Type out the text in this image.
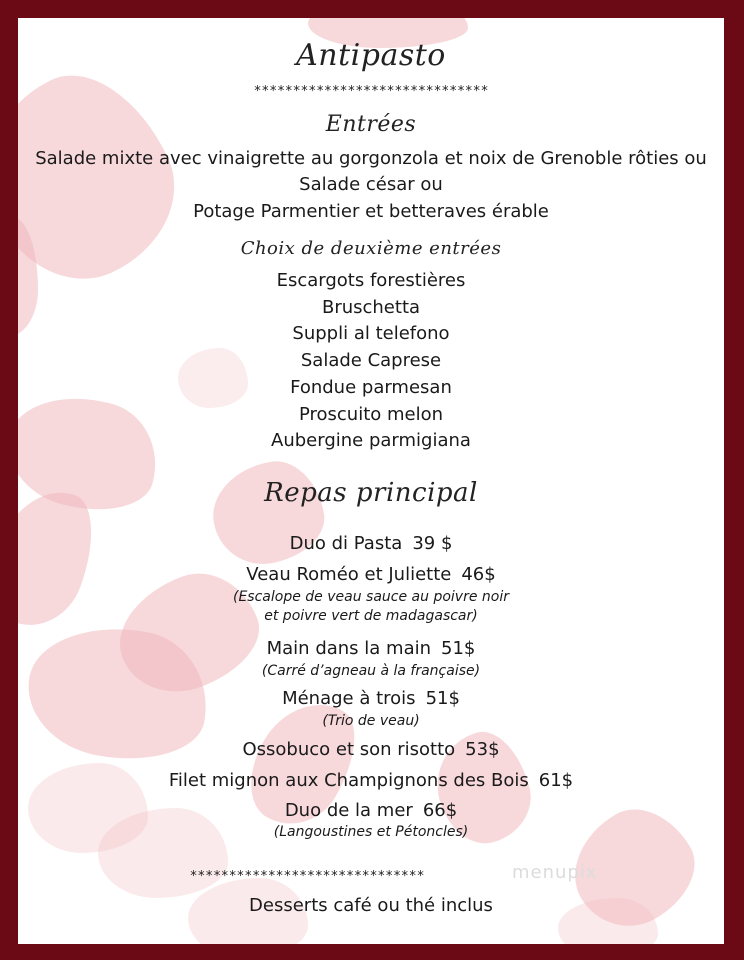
Antipasto
******************************
Entrées
Salade mixte avec vinaigrette au gorgonzola et noix de Grenoble rôties ou
Salade césar ou
Potage Parmentier et betteraves érable
Choix de deuxième entrées
Escargots forestières
Bruschetta
Suppli al telefono
Salade Caprese
Fondue parmesan
Proscuito melon
Aubergine parmigiana
Repas principal
Duo di Pasta 39 $
Veau Roméo et Juliette 46$
(Escalope de veau sauce au poivre noir
et poivre vert de madagascar)
Main dans la main 51$
(Carré d’agneau à la française)
Ménage à trois 51$
(Trio de veau)
Ossobuco et son risotto 53$
Filet mignon aux Champignons des Bois 61$
Duo de la mer 66$
(Langoustines et Pétoncles)
******************************	menupix
Desserts café ou thé inclus
